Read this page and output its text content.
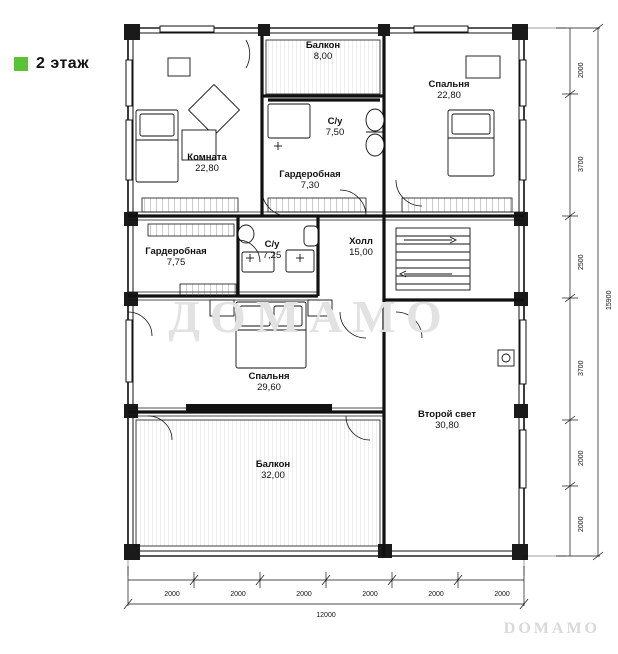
2 этаж
ДОМАМО
DOMAMO
Балкон
8,00
Спальня
22,80
Комната
22,80
С/у
7,50
Гардеробная
7,30
Гардеробная
7,75
С/у
7,25
Холл
15,00
Спальня
29,60
Второй свет
30,80
Балкон
32,00
2000	2000	2000	2000	2000	2000
12000
2000
3700
2500
3700
2000
2000
15900
